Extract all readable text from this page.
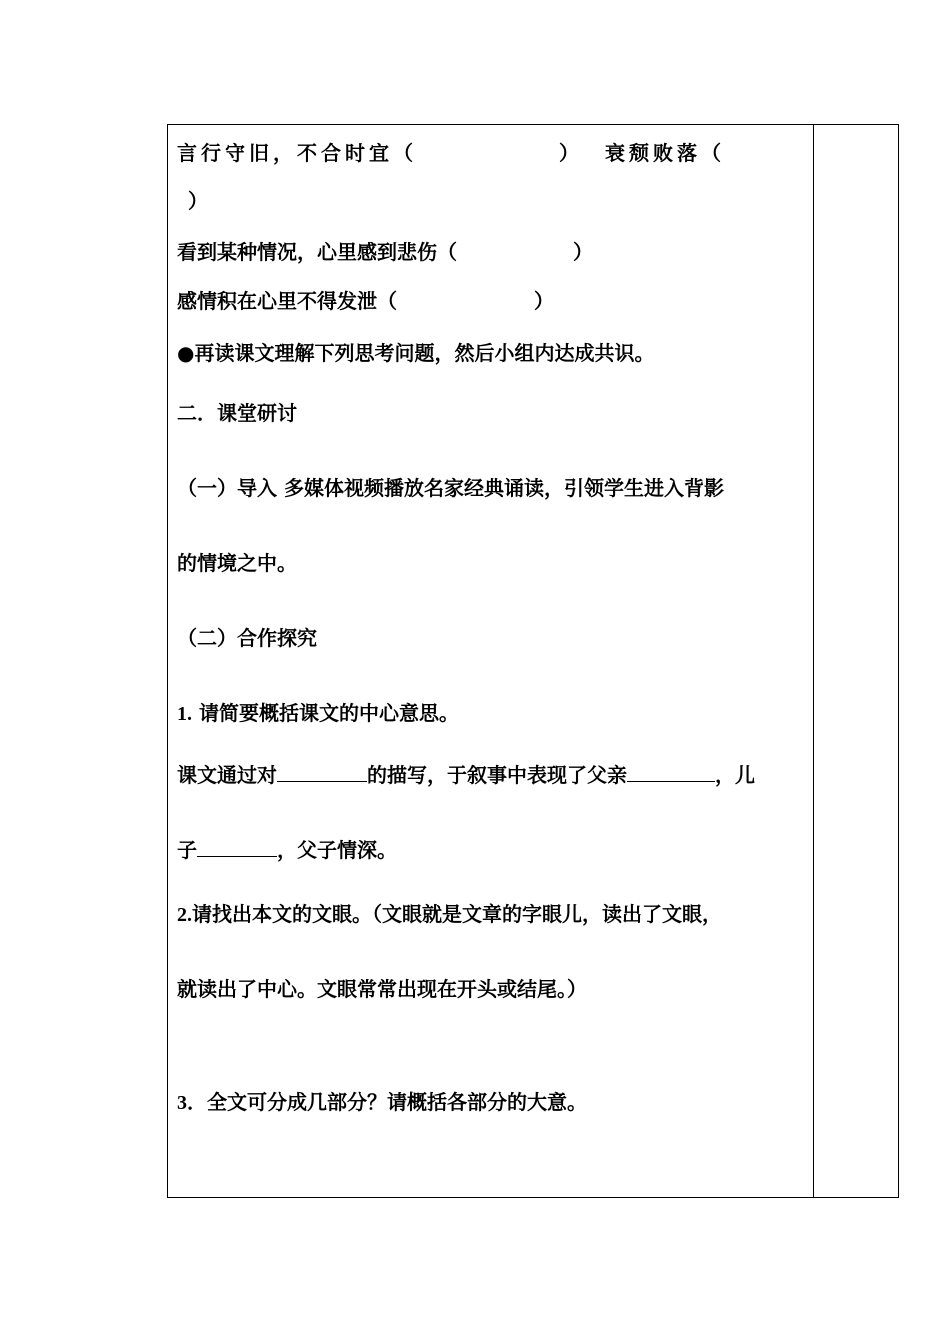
言行守旧，不合时宜（	） 衰颓败落（
）
看到某种情况，心里感到悲伤（	）
感情积在心里不得发泄（	）
●再读课文理解下列思考问题，然后小组内达成共识。
二．课堂研讨
（一）导入 多媒体视频播放名家经典诵读，引领学生进入背影
的情境之中。
（二）合作探究
1. 请简要概括课文的中心意思。
课文通过对	的描写，于叙事中表现了父亲	，儿
子	，父子情深。
2.请找出本文的文眼。（文眼就是文章的字眼儿，读出了文眼，
就读出了中心。文眼常常出现在开头或结尾。）
3．全文可分成几部分？请概括各部分的大意。
